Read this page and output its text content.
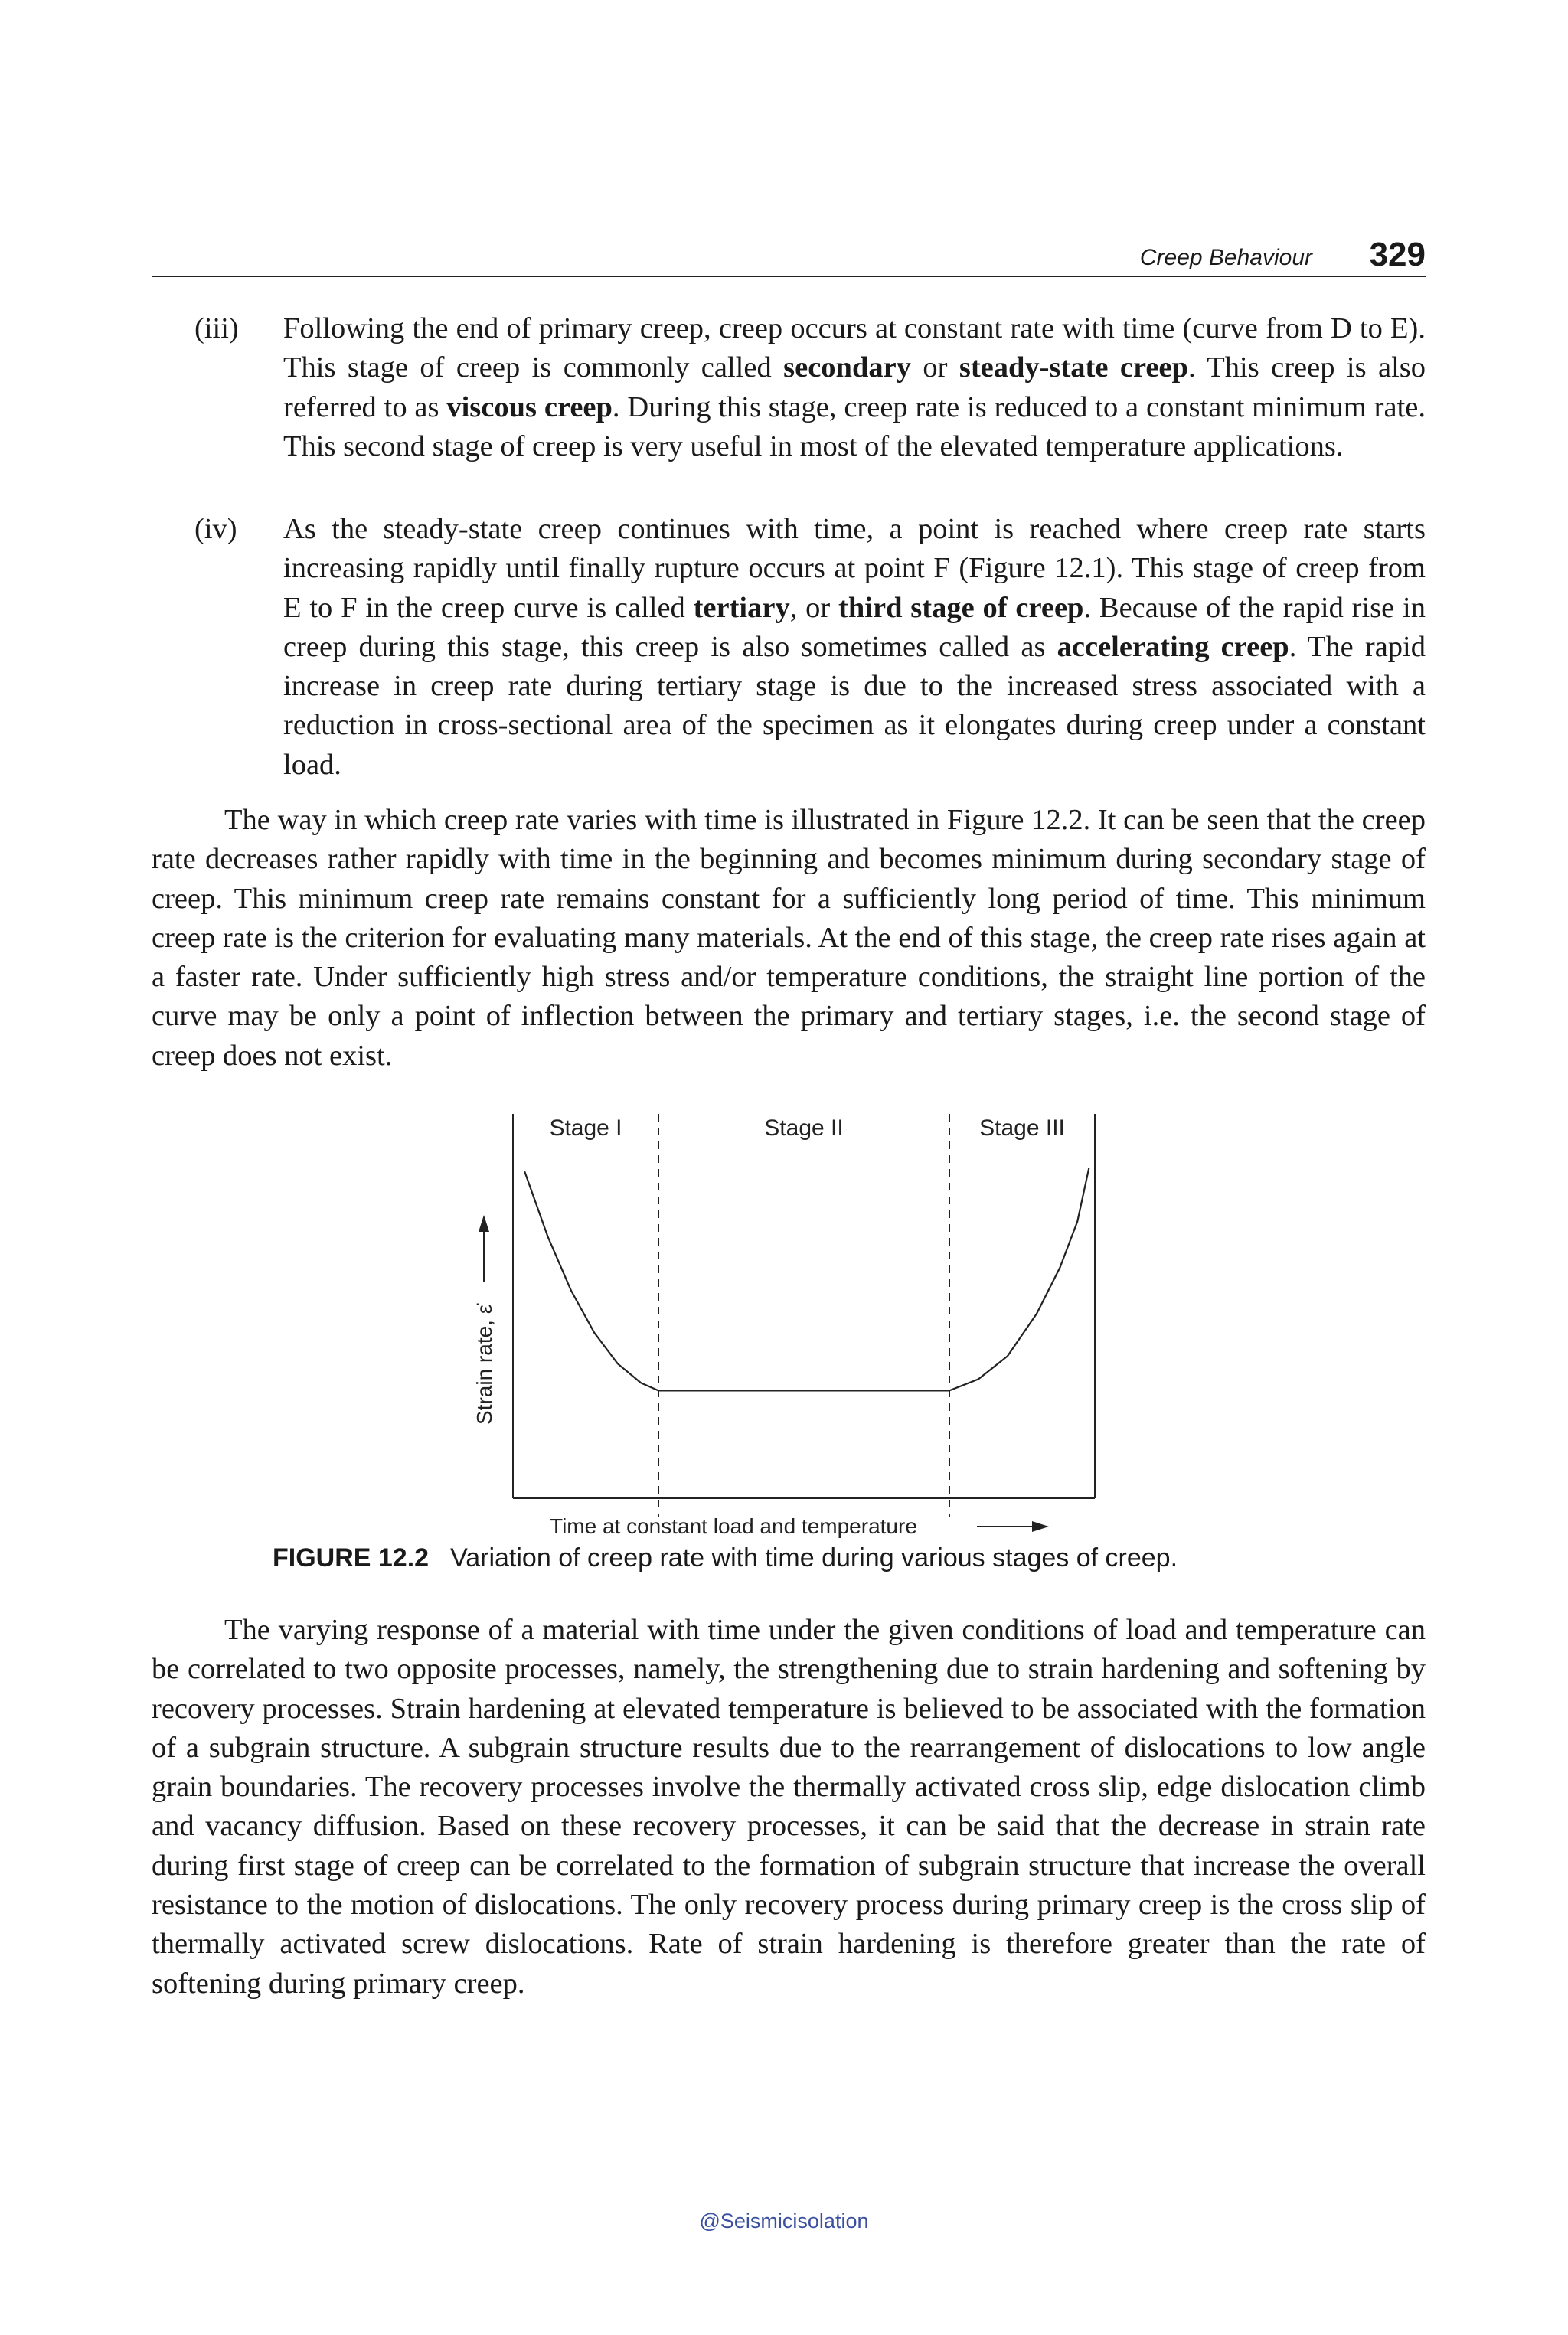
Creep Behaviour 329
(iii) Following the end of primary creep, creep occurs at constant rate with time (curve from D to E). This stage of creep is commonly called secondary or steady-state creep. This creep is also referred to as viscous creep. During this stage, creep rate is reduced to a constant minimum rate. This second stage of creep is very useful in most of the elevated temperature applications.
(iv) As the steady-state creep continues with time, a point is reached where creep rate starts increasing rapidly until finally rupture occurs at point F (Figure 12.1). This stage of creep from E to F in the creep curve is called tertiary, or third stage of creep. Because of the rapid rise in creep during this stage, this creep is also sometimes called as accelerating creep. The rapid increase in creep rate during tertiary stage is due to the increased stress associated with a reduction in cross-sectional area of the specimen as it elongates during creep under a constant load.

The way in which creep rate varies with time is illustrated in Figure 12.2. It can be seen that the creep rate decreases rather rapidly with time in the beginning and becomes minimum during secondary stage of creep. This minimum creep rate remains constant for a sufficiently long period of time. This minimum creep rate is the criterion for evaluating many materials. At the end of this stage, the creep rate rises again at a faster rate. Under sufficiently high stress and/or temperature conditions, the straight line portion of the curve may be only a point of inflection between the primary and tertiary stages, i.e. the second stage of creep does not exist.

Stage I	Stage II	Stage III
Time at constant load and temperature
Strain rate, ε̇
FIGURE 12.2 Variation of creep rate with time during various stages of creep.

The varying response of a material with time under the given conditions of load and temperature can be correlated to two opposite processes, namely, the strengthening due to strain hardening and softening by recovery processes. Strain hardening at elevated temperature is believed to be associated with the formation of a subgrain structure. A subgrain structure results due to the rearrangement of dislocations to low angle grain boundaries. The recovery processes involve the thermally activated cross slip, edge dislocation climb and vacancy diffusion. Based on these recovery processes, it can be said that the decrease in strain rate during first stage of creep can be correlated to the formation of subgrain structure that increase the overall resistance to the motion of dislocations. The only recovery process during primary creep is the cross slip of thermally activated screw dislocations. Rate of strain hardening is therefore greater than the rate of softening during primary creep.

@Seismicisolation
